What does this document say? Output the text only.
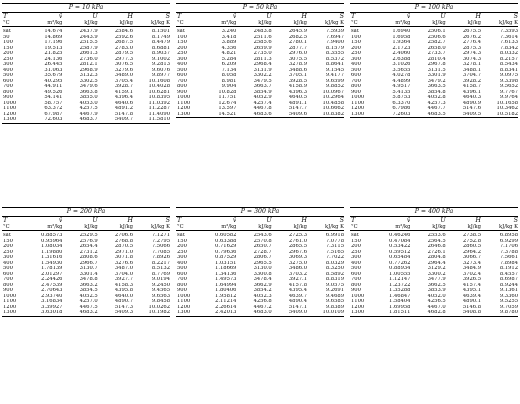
P = 10 kPa
T	v̂	Û	Ĥ	Ŝ
°C	m³/kg	kJ/kg	kJ/kg	kJ/kg K

sat	14.674	2437.9	2584.6	8.1501
50	14.869	2443.9	2592.6	8.1749
100	17.196	2515.5	2687.5	8.4479
150	19.513	2587.9	2783.0	8.6881
200	21.825	2661.3	2879.5	8.9037
250	24.136	2736.0	2977.3	9.1002
300	26.445	2812.1	3076.5	9.2813
400	31.063	2968.9	3279.6	9.6076
500	35.679	3132.3	3489.0	9.8977
600	40.295	3302.5	3705.4	10.1608
700	44.911	3479.6	3928.7	10.4028
800	49.526	3663.8	4159.1	10.6281
900	54.141	3855.0	4396.4	10.8395
1000	58.757	4053.0	4640.6	11.0392
1100	63.372	4257.5	4891.2	11.2287
1200	67.987	4467.9	5147.8	11.4090
1300	72.603	4683.7	5409.7	11.5810
P = 50 kPa
T	v̂	Û	Ĥ	Ŝ
°C	m³/kg	kJ/kg	kJ/kg	kJ/kg K

sat	3.240	2483.8	2645.9	7.5939
100	3.418	2511.6	2682.5	7.6947
150	3.889	2585.6	2780.1	7.9400
200	4.356	2659.9	2877.7	8.1579
250	4.821	2735.0	2976.0	8.3555
300	5.284	2811.3	3075.5	8.5372
400	6.209	2968.4	3278.9	8.8641
500	7.134	3131.9	3488.6	9.1545
600	8.058	3302.2	3705.1	9.4177
700	8.981	3479.5	3928.5	9.6599
800	9.904	3663.7	4158.9	9.8852
900	10.828	3854.9	4396.3	10.0967
1000	11.751	4052.9	4640.5	10.2964
1100	12.674	4257.4	4891.1	10.4858
1200	13.597	4467.8	5147.7	10.6662
1300	14.521	4683.6	5409.6	10.8382
P = 100 kPa
T	v̂	Û	Ĥ	Ŝ
°C	m³/kg	kJ/kg	kJ/kg	kJ/kg K

sat	1.6940	2506.1	2675.5	7.3593
100	1.6958	2506.6	2676.2	7.3614
150	1.9364	2582.7	2776.4	7.6133
200	2.1723	2658.0	2875.3	7.8342
250	2.4060	2733.7	2974.3	8.0332
300	2.6388	2810.4	3074.3	8.2157
400	3.1026	2967.8	3278.1	8.5434
500	3.5655	3131.5	3488.1	8.8341
600	4.0278	3301.9	3704.7	9.0975
700	4.4899	3479.2	3928.2	9.3398
800	4.9517	3663.5	4158.7	9.5652
900	5.4135	3854.8	4396.1	9.7767
1000	5.8753	4052.8	4640.3	9.9764
1100	6.3370	4257.3	4890.9	10.1658
1200	6.7986	4467.7	5147.6	10.3462
1300	7.2603	4683.5	5409.5	10.5182
P = 200 kPa
T	v̂	Û	Ĥ	Ŝ
°C	m³/kg	kJ/kg	kJ/kg	kJ/kg K

sat	0.88573	2529.5	2706.6	7.1271
150	0.95964	2576.9	2768.8	7.2795
200	1.08034	2654.4	2870.5	7.5066
250	1.19880	2731.2	2971.0	7.7085
300	1.31616	2808.6	3071.8	7.8926
400	1.54930	2966.7	3276.6	8.2217
500	1.78139	3130.7	3487.0	8.5132
600	2.01297	3301.4	3704.0	8.7769
700	2.24426	3478.8	3927.7	9.0194
800	2.47539	3663.2	4158.3	9.2450
900	2.70643	3854.5	4395.8	9.4565
1000	2.93740	4052.5	4640.0	9.6563
1100	3.16834	4257.0	4890.7	9.8458
1200	3.39927	4467.5	5147.3	10.0262
1300	3.63018	4683.2	5409.3	10.1982
P = 300 kPa
T	v̂	Û	Ĥ	Ŝ
°C	m³/kg	kJ/kg	kJ/kg	kJ/kg K

sat	0.60582	2543.6	2725.3	6.9918
150	0.63388	2570.8	2761.0	7.0778
200	0.71629	2650.7	2865.5	7.3115
250	0.79636	2728.7	2967.6	7.5165
300	0.87529	2806.7	3069.3	7.7022
400	1.03151	2965.5	3275.0	8.0329
500	1.18669	3130.0	3486.0	8.3250
600	1.34136	3300.8	3703.2	8.5892
700	1.49573	3478.4	3927.1	8.8319
800	1.64994	3662.9	4157.8	9.0575
900	1.80406	3854.2	4395.4	9.2691
1000	1.95812	4052.3	4639.7	9.4689
1100	2.11214	4256.8	4890.4	9.6585
1200	2.26614	4467.2	5147.1	9.8389
1300	2.42013	4683.0	5409.0	10.0109
P = 400 kPa
T	v̂	Û	Ĥ	Ŝ
°C	m³/kg	kJ/kg	kJ/kg	kJ/kg K

sat	0.46246	2553.6	2738.5	6.8958
150	0.47084	2564.5	2752.8	6.9299
200	0.53422	2646.8	2860.5	7.1706
250	0.59512	2726.1	2964.2	7.3788
300	0.65484	2804.8	3066.7	7.5661
400	0.77262	2964.4	3273.4	7.8984
500	0.88934	3129.2	3484.9	8.1912
600	1.00555	3300.2	3702.4	8.4557
700	1.12147	3477.9	3926.5	8.6987
800	1.23722	3662.5	4157.4	8.9244
900	1.35288	3853.9	4395.1	9.1361
1000	1.46847	4052.0	4639.4	9.3360
1100	1.58404	4256.5	4890.1	9.5255
1200	1.69958	4467.0	5146.8	9.7059
1300	1.81511	4682.8	5408.8	9.8780
